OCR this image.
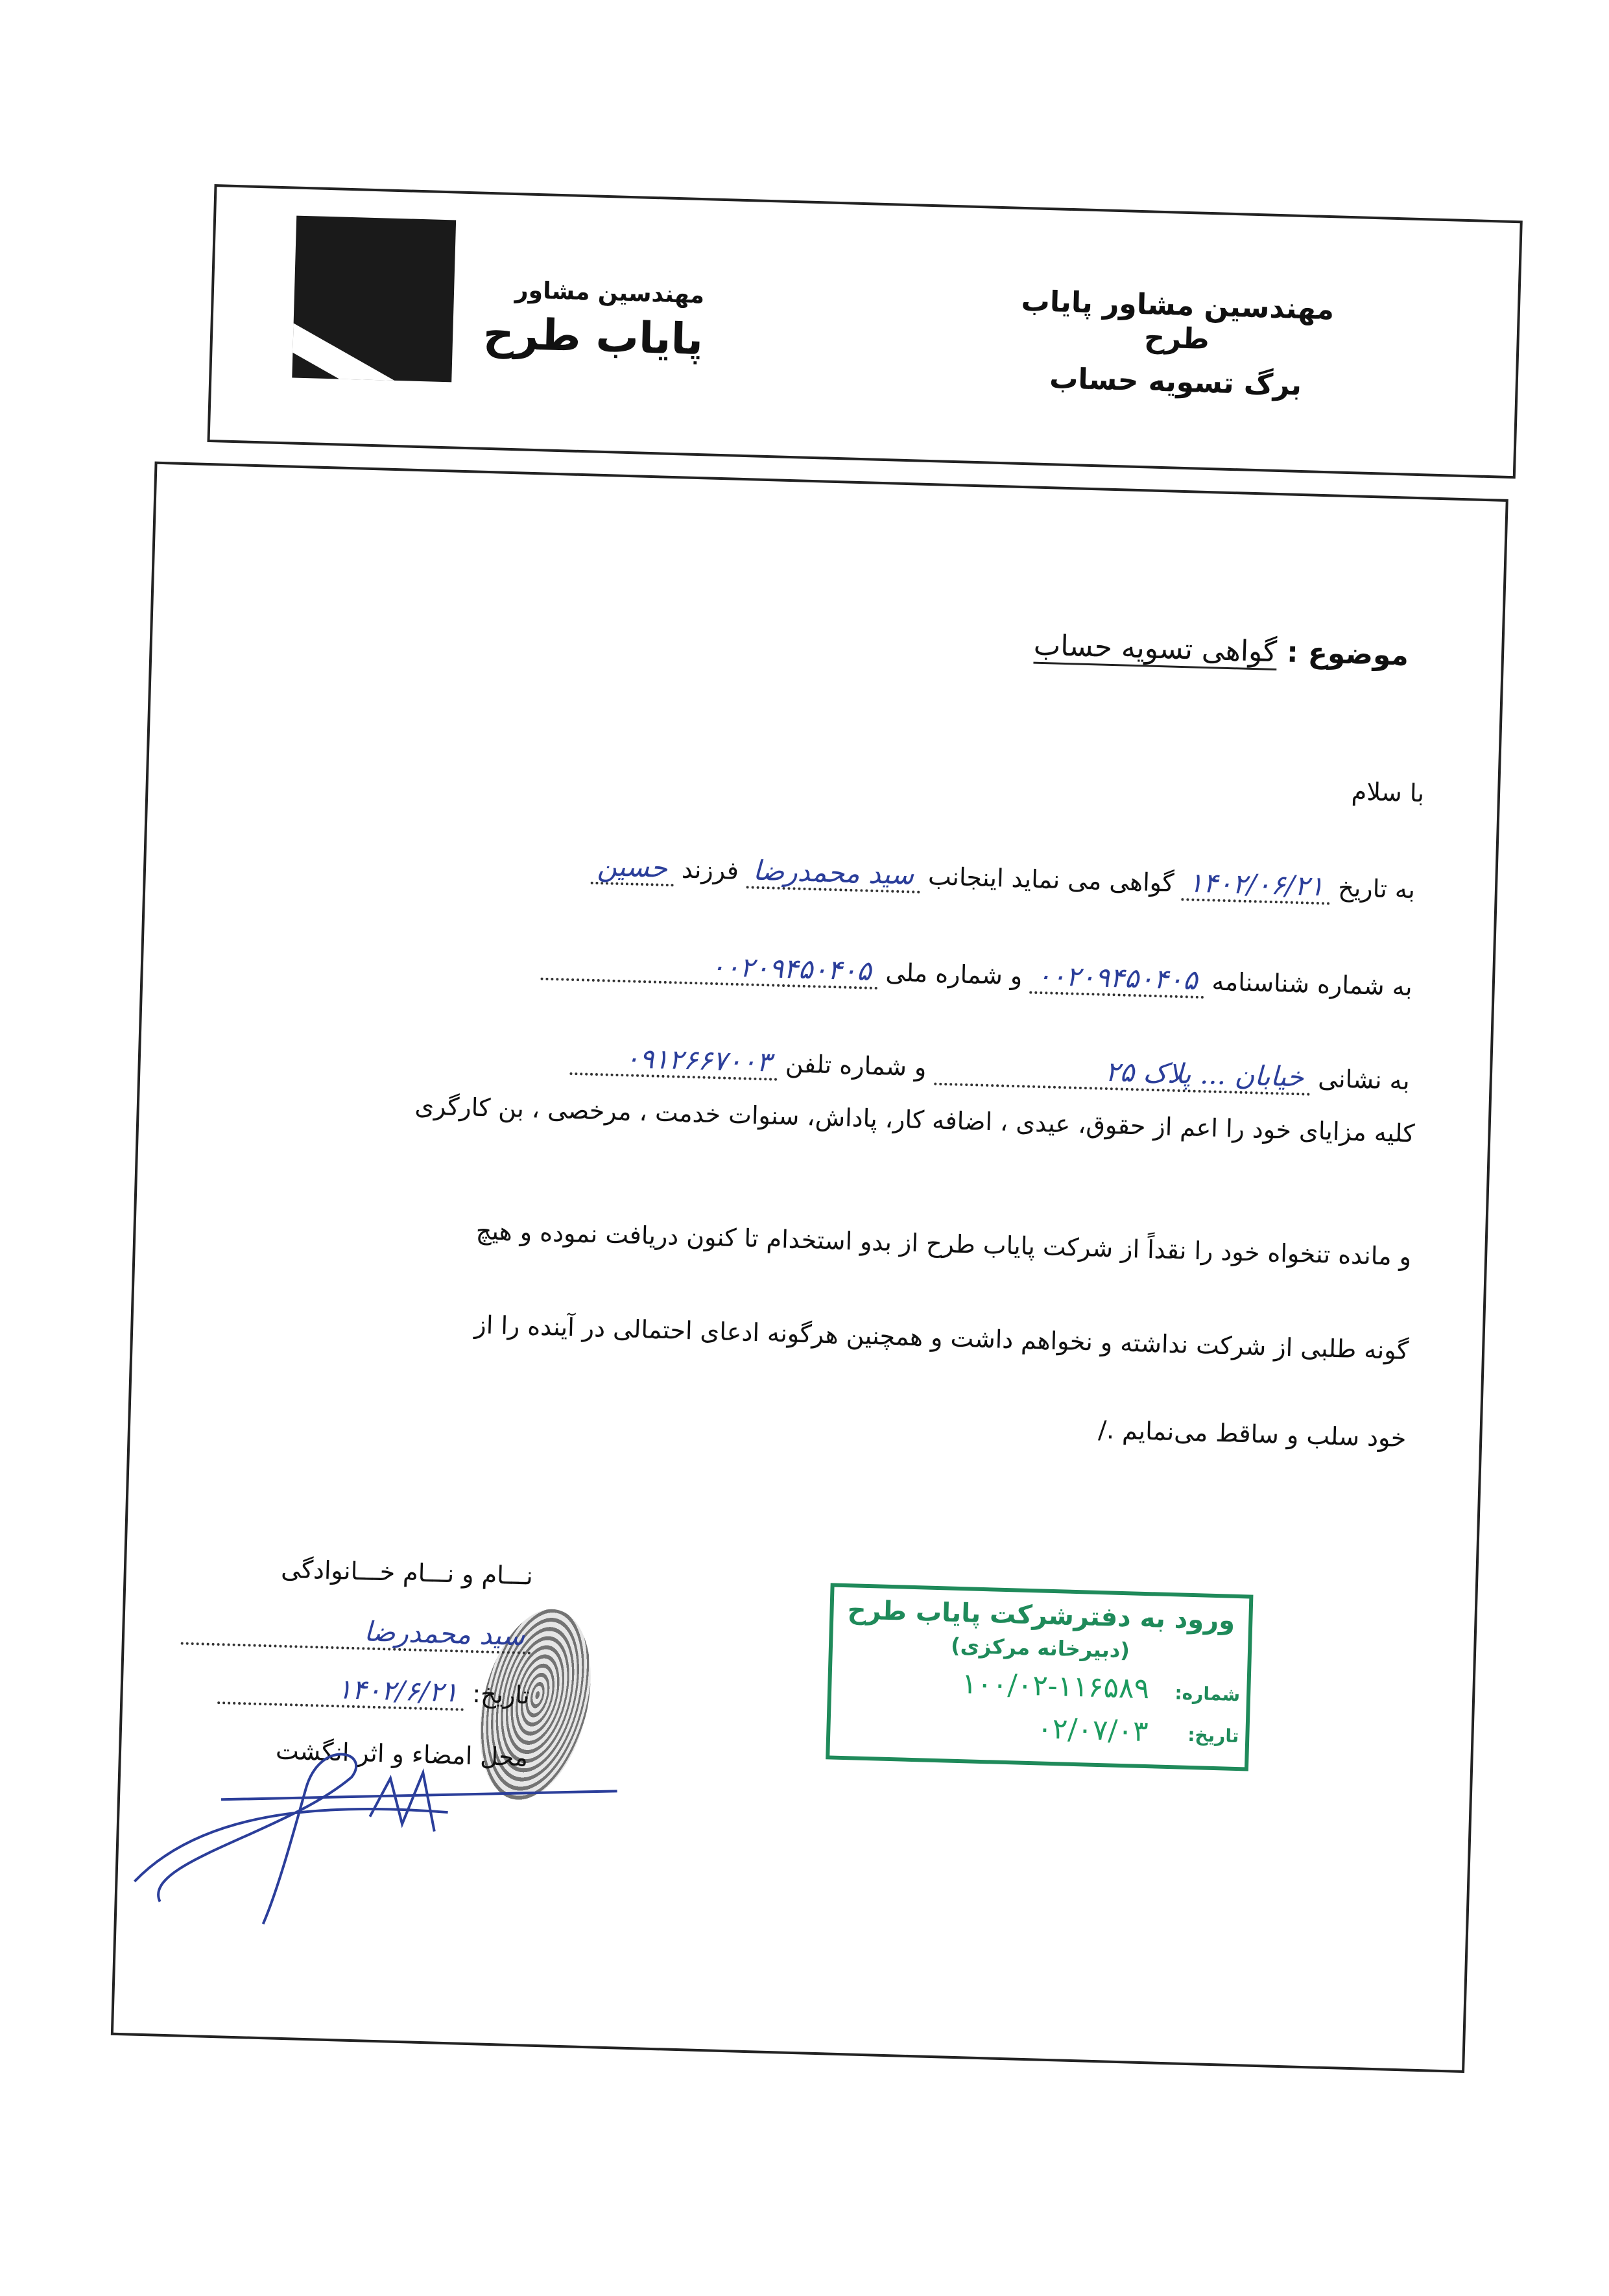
مهندسین مشاور
پایاب طرح
مهندسین مشاور پایاب طرح
برگ تسویه حساب
موضوع : گواهی تسویه حساب
با سلام
به تاریخ ۱۴۰۲/۰۶/۲۱ گواهی می نماید اینجانب سید محمدرضا فرزند حسین
به شماره شناسنامه ۰۰۲۰۹۴۵۰۴۰۵ و شماره ملی ۰۰۲۰۹۴۵۰۴۰۵
به نشانی خیابان ... پلاک ۲۵ و شماره تلفن ۰۹۱۲۶۶۷۰۰۳
کلیه مزایای خود را اعم از حقوق، عیدی ، اضافه کار، پاداش، سنوات خدمت ، مرخصی ، بن کارگری
و مانده تنخواه خود را نقداً از شرکت پایاب طرح از بدو استخدام تا کنون دریافت نموده و هیچ
گونه طلبی از شرکت نداشته و نخواهم داشت و همچنین هرگونه ادعای احتمالی در آینده را از
خود سلب و ساقط می‌نمایم ./
نـــام و نـــام خـــانوادگی
سید محمدرضا
تاریخ: ۱۴۰۲/۶/۲۱
محل امضاء و اثر انگشت
ورود به دفترشرکت پایاب طرح
(دبیرخانه مرکزی)
شماره:
۱۰۰/۰۲-۱۱۶۵۸۹
تاریخ:
۰۲/۰۷/۰۳
